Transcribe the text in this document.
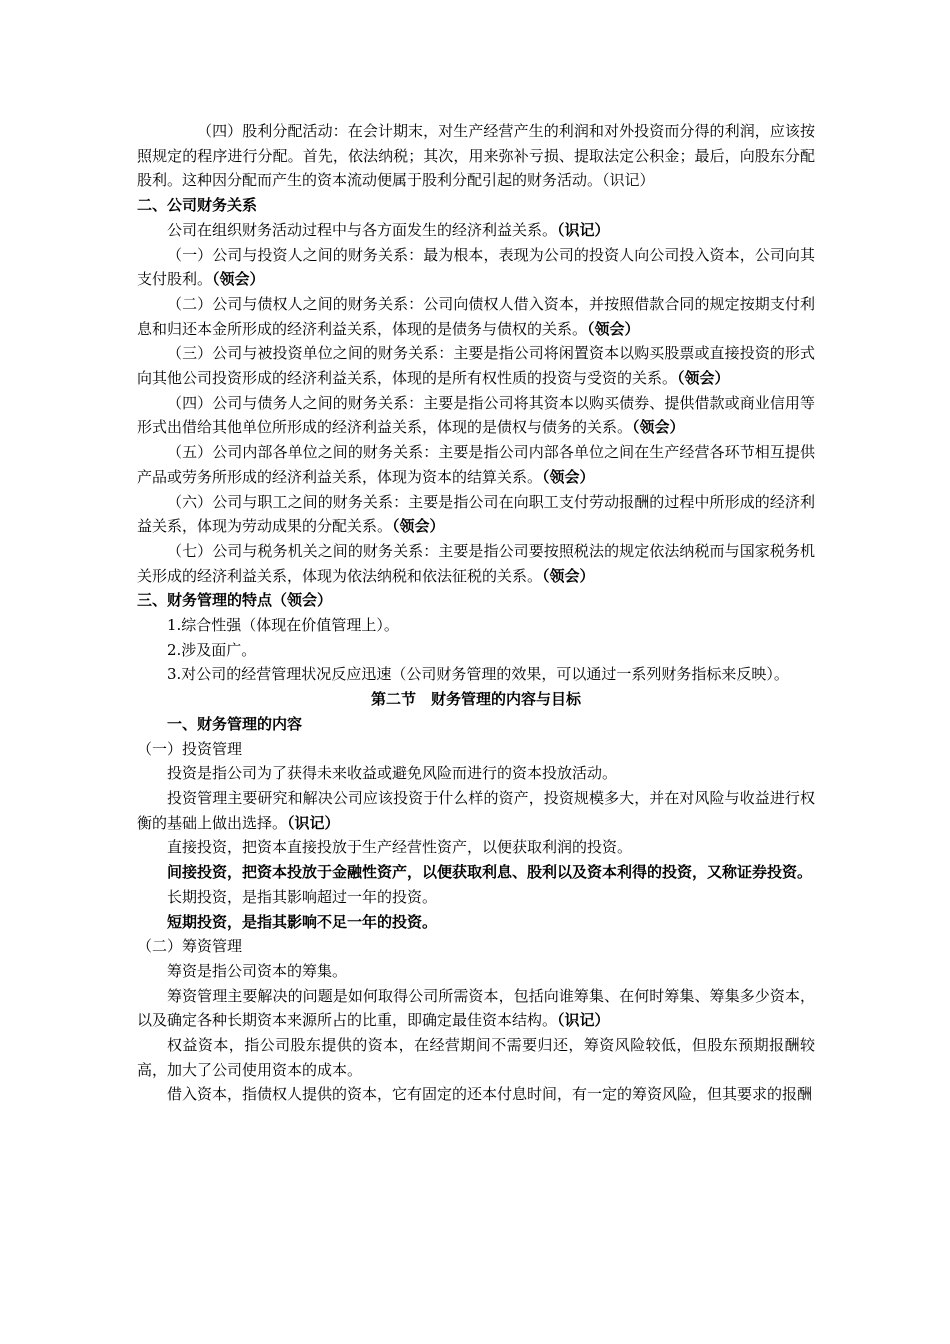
（四）股利分配活动：在会计期末，对生产经营产生的利润和对外投资而分得的利润，应该按照规定的程序进行分配。首先，依法纳税；其次，用来弥补亏损、提取法定公积金；最后，向股东分配股利。这种因分配而产生的资本流动便属于股利分配引起的财务活动。（识记）

二、公司财务关系

公司在组织财务活动过程中与各方面发生的经济利益关系。（识记）

（一）公司与投资人之间的财务关系：最为根本，表现为公司的投资人向公司投入资本，公司向其支付股利。（领会）

（二）公司与债权人之间的财务关系：公司向债权人借入资本，并按照借款合同的规定按期支付利息和归还本金所形成的经济利益关系，体现的是债务与债权的关系。（领会）

（三）公司与被投资单位之间的财务关系：主要是指公司将闲置资本以购买股票或直接投资的形式向其他公司投资形成的经济利益关系，体现的是所有权性质的投资与受资的关系。（领会）

（四）公司与债务人之间的财务关系：主要是指公司将其资本以购买债券、提供借款或商业信用等形式出借给其他单位所形成的经济利益关系，体现的是债权与债务的关系。（领会）

（五）公司内部各单位之间的财务关系：主要是指公司内部各单位之间在生产经营各环节相互提供产品或劳务所形成的经济利益关系，体现为资本的结算关系。（领会）

（六）公司与职工之间的财务关系：主要是指公司在向职工支付劳动报酬的过程中所形成的经济利益关系，体现为劳动成果的分配关系。（领会）

（七）公司与税务机关之间的财务关系：主要是指公司要按照税法的规定依法纳税而与国家税务机关形成的经济利益关系，体现为依法纳税和依法征税的关系。（领会）

三、财务管理的特点（领会）

1.综合性强（体现在价值管理上）。

2.涉及面广。

3.对公司的经营管理状况反应迅速（公司财务管理的效果，可以通过一系列财务指标来反映）。

第二节　财务管理的内容与目标

一、财务管理的内容

（一）投资管理

投资是指公司为了获得未来收益或避免风险而进行的资本投放活动。

投资管理主要研究和解决公司应该投资于什么样的资产，投资规模多大，并在对风险与收益进行权衡的基础上做出选择。（识记）

直接投资，把资本直接投放于生产经营性资产，以便获取利润的投资。

间接投资，把资本投放于金融性资产，以便获取利息、股利以及资本利得的投资，又称证券投资。

长期投资，是指其影响超过一年的投资。

短期投资，是指其影响不足一年的投资。

（二）筹资管理

筹资是指公司资本的筹集。

筹资管理主要解决的问题是如何取得公司所需资本，包括向谁筹集、在何时筹集、筹集多少资本，以及确定各种长期资本来源所占的比重，即确定最佳资本结构。（识记）

权益资本，指公司股东提供的资本，在经营期间不需要归还，筹资风险较低，但股东预期报酬较高，加大了公司使用资本的成本。

借入资本，指债权人提供的资本，它有固定的还本付息时间，有一定的筹资风险，但其要求的报酬
